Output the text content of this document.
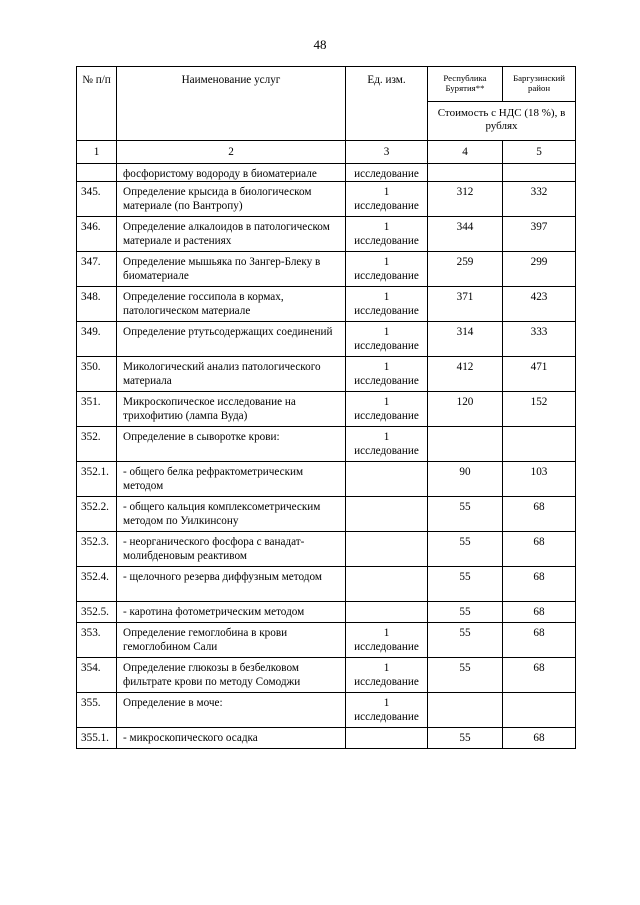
48
№ п/п	Наименование услуг	Ед. изм.	Республика Бурятия**	Баргузинский район
			Стоимость с НДС (18 %), в рублях	
1	2	3	4	5
	фосфористому водороду в биоматериале	исследование		
345.	Определение крысида в биологическом материале (по Вантропу)	1 исследование	312	332
346.	Определение алкалоидов в патологическом материале и растениях	1 исследование	344	397
347.	Определение мышьяка по Зангер-Блеку в биоматериале	1 исследование	259	299
348.	Определение госсипола в кормах, патологическом материале	1 исследование	371	423
349.	Определение ртутьсодержащих соединений	1 исследование	314	333
350.	Микологический анализ патологического материала	1 исследование	412	471
351.	Микроскопическое исследование на трихофитию (лампа Вуда)	1 исследование	120	152
352.	Определение в сыворотке крови:	1 исследование		
352.1.	- общего белка рефрактометрическим методом		90	103
352.2.	- общего кальция комплексометрическим методом по Уилкинсону		55	68
352.3.	- неорганического фосфора с ванадат-молибденовым реактивом		55	68
352.4.	- щелочного резерва диффузным методом		55	68
352.5.	- каротина фотометрическим методом		55	68
353.	Определение гемоглобина в крови гемоглобином Сали	1 исследование	55	68
354.	Определение глюкозы в безбелковом фильтрате крови по методу Сомоджи	1 исследование	55	68
355.	Определение в моче:	1 исследование		
355.1.	- микроскопического осадка		55	68
